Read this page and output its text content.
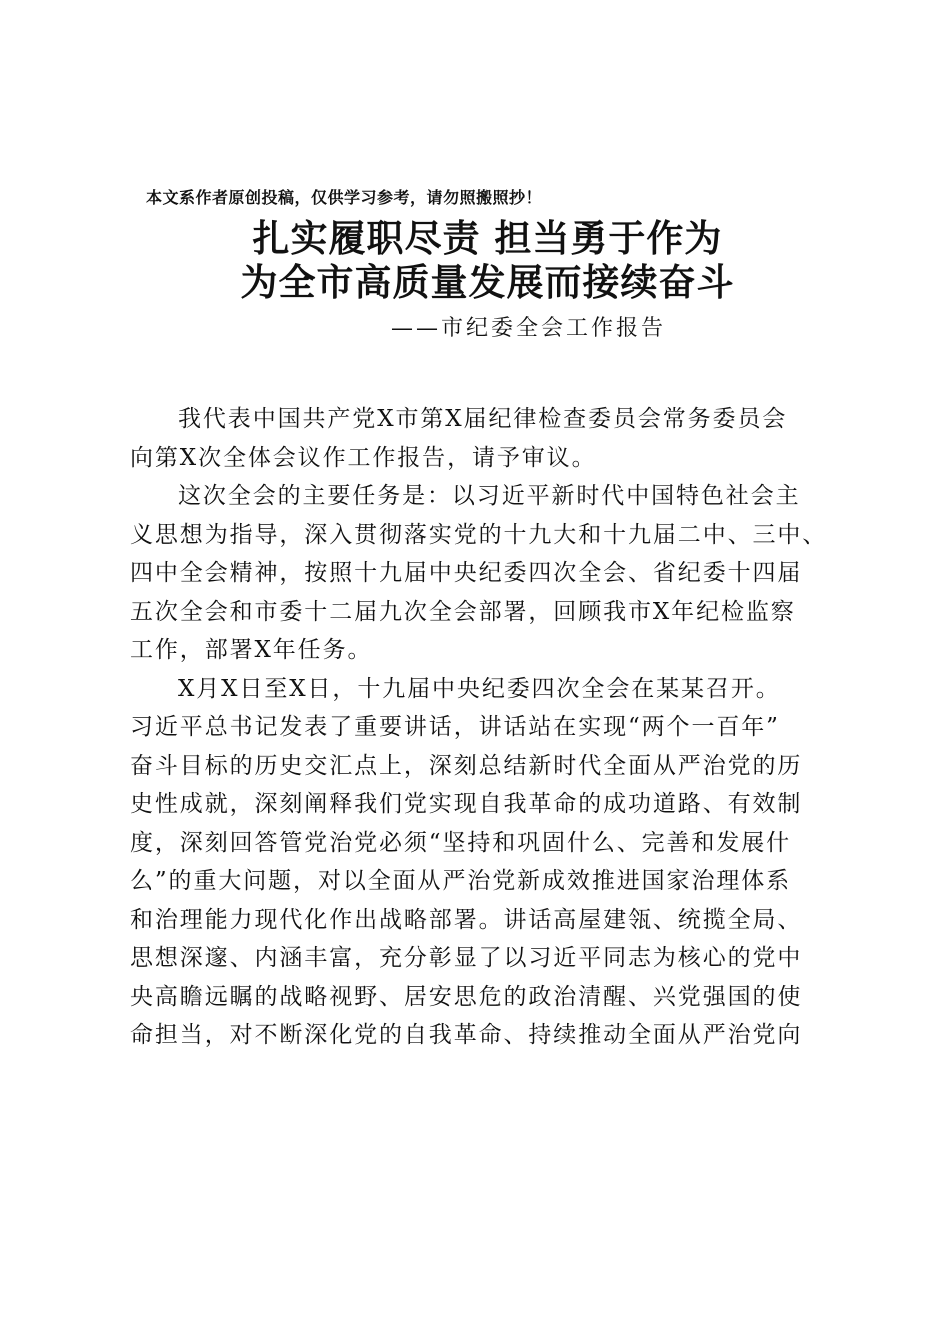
本文系作者原创投稿，仅供学习参考，请勿照搬照抄！
扎实履职尽责 担当勇于作为
为全市高质量发展而接续奋斗
——市纪委全会工作报告
我代表中国共产党X市第X届纪律检查委员会常务委员会
向第X次全体会议作工作报告，请予审议。
这次全会的主要任务是：以习近平新时代中国特色社会主
义思想为指导，深入贯彻落实党的十九大和十九届二中、三中、
四中全会精神，按照十九届中央纪委四次全会、省纪委十四届
五次全会和市委十二届九次全会部署，回顾我市X年纪检监察
工作，部署X年任务。
X月X日至X日，十九届中央纪委四次全会在某某召开。
习近平总书记发表了重要讲话，讲话站在实现“两个一百年”
奋斗目标的历史交汇点上，深刻总结新时代全面从严治党的历
史性成就，深刻阐释我们党实现自我革命的成功道路、有效制
度，深刻回答管党治党必须“坚持和巩固什么、完善和发展什
么”的重大问题，对以全面从严治党新成效推进国家治理体系
和治理能力现代化作出战略部署。讲话高屋建瓴、统揽全局、
思想深邃、内涵丰富，充分彰显了以习近平同志为核心的党中
央高瞻远瞩的战略视野、居安思危的政治清醒、兴党强国的使
命担当，对不断深化党的自我革命、持续推动全面从严治党向
